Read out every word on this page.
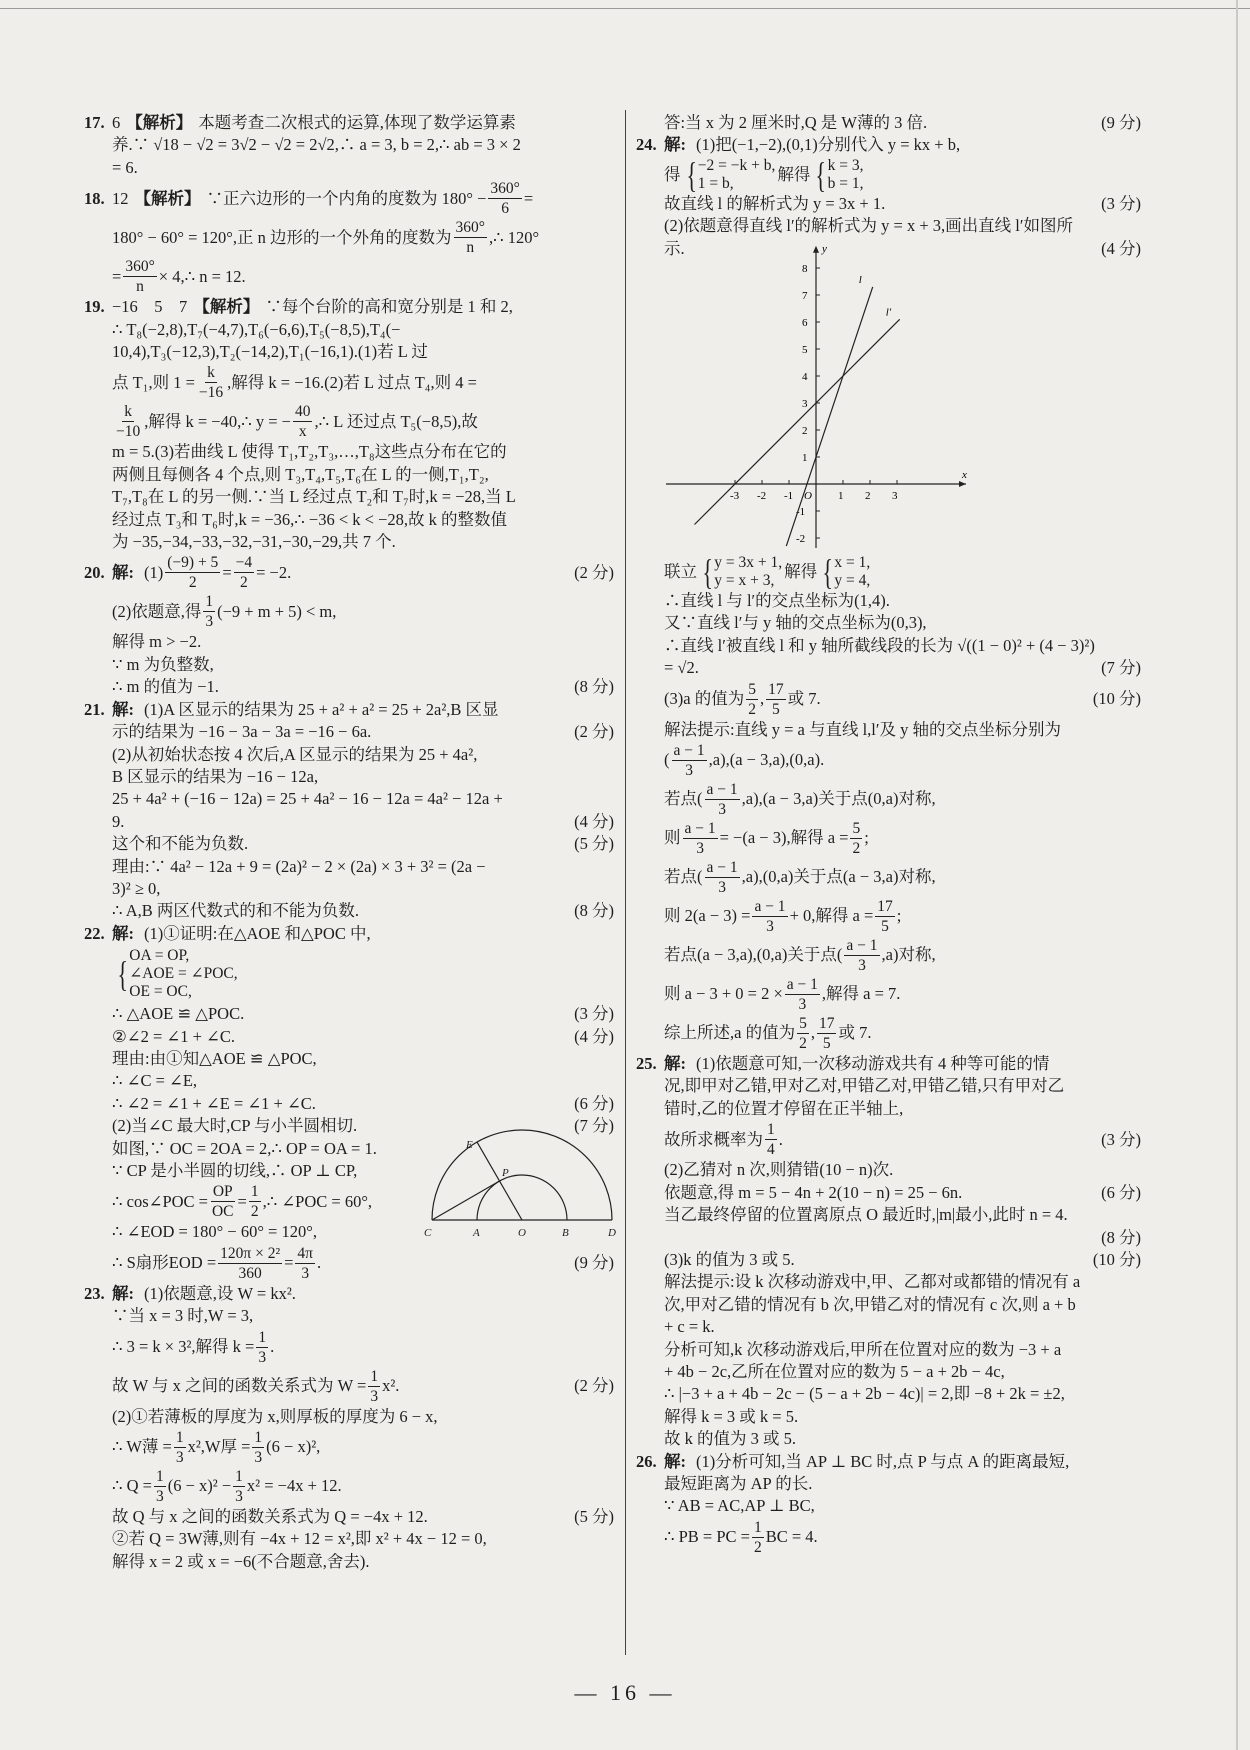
17. 6 【解析】 本题考查二次根式的运算,体现了数学运算素
养.∵ √18 − √2 = 3√2 − √2 = 2√2,∴ a = 3, b = 2,∴ ab = 3 × 2
= 6.
18. 12 【解析】 ∵正六边形的一个内角的度数为 $180^\circ - \frac{360^\circ}{6}$ =
180° − 60° = 120°,正 n 边形的一个外角的度数为 $\frac{360^\circ}{n}$ ,∴ 120°
= $\frac{360^\circ}{n}$ × 4,∴ n = 12.
19. −16　5　7 【解析】 ∵每个台阶的高和宽分别是 1 和 2,
∴ T₈(−2,8),T₇(−4,7),T₆(−6,6),T₅(−8,5),T₄(−
10,4),T₃(−12,3),T₂(−14,2),T₁(−16,1).(1)若 L 过
点 T₁,则 $1 = \frac{k}{-16}$ ,解得 k = −16.(2)若 L 过点 T₄,则 4 =
$\frac{k}{-10}$ ,解得 k = −40,∴ y = − $\frac{40}{x}$ ,∴ L 还过点 T₅(−8,5),故
m = 5.(3)若曲线 L 使得 T₁,T₂,T₃,…,T₈这些点分布在它的
两侧且每侧各 4 个点,则 T₃,T₄,T₅,T₆在 L 的一侧,T₁,T₂,
T₇,T₈在 L 的另一侧.∵当 L 经过点 T₂和 T₇时,k = −28,当 L
经过点 T₃和 T₆时,k = −36,∴ −36 < k < −28,故 k 的整数值
为 −35,−34,−33,−32,−31,−30,−29,共 7 个.
20. 解: $(1) \frac{(-9) + 5}{2} = \frac{-4}{2} = -2$.	(2 分)
(2)依题意,得 $\frac{1}{3} (-9 + m + 5) < m$,
解得 m > −2.
∵ m 为负整数,
∴ m 的值为 −1.	(8 分)
21. 解: (1)A 区显示的结果为 25 + a² + a² = 25 + 2a²,B 区显
示的结果为 −16 − 3a − 3a = −16 − 6a.	(2 分)
(2)从初始状态按 4 次后,A 区显示的结果为 25 + 4a²,
B 区显示的结果为 −16 − 12a,
25 + 4a² + (−16 − 12a) = 25 + 4a² − 16 − 12a = 4a² − 12a +
9.	(4 分)
这个和不能为负数.	(5 分)
理由:∵ 4a² − 12a + 9 = (2a)² − 2 × (2a) × 3 + 3² = (2a −
3)² ≥ 0,
∴ A,B 两区代数式的和不能为负数.	(8 分)
22. 解: (1)①证明:在△AOE 和△POC 中,
{ OA = OP,
∠AOE = ∠POC,
OE = OC,
∴ △AOE ≌ △POC.	(3 分)
②∠2 = ∠1 + ∠C.	(4 分)
理由:由①知△AOE ≌ △POC,
∴ ∠C = ∠E,
∴ ∠2 = ∠1 + ∠E = ∠1 + ∠C.	(6 分)
(2)当∠C 最大时,CP 与小半圆相切.	(7 分)
如图,∵ OC = 2OA = 2,∴ OP = OA = 1.	E
P
C	A	O	B	D
∵ CP 是小半圆的切线,∴ OP ⊥ CP,
∴ cos∠POC = $\frac{OP}{OC} = \frac{1}{2}$ ,∴ ∠POC = 60°,
∴ ∠EOD = 180° − 60° = 120°,
∴ S扇形EOD = $\frac{\text{120π × 2²}}{360} = \frac{4\pi}{3}$ .	(9 分)
23. 解: (1)依题意,设 W = kx².
∵当 x = 3 时,W = 3,
∴ 3 = k × 3²,解得 $k = \frac{1}{3}$ .
故 W 与 x 之间的函数关系式为 $W = \frac{1}{3} x^2$.	(2 分)
(2)①若薄板的厚度为 x,则厚板的厚度为 6 − x,
∴ W薄 = $\frac{1}{3} x^2,W$厚 = $\frac{1}{3} (6 - x)^2$,
∴ $Q = \frac{1}{3} (6 - x)^2 - \frac{1}{3} x^2 = -4x + 12$.
故 Q 与 x 之间的函数关系式为 Q = −4x + 12.	(5 分)
②若 Q = 3W薄,则有 −4x + 12 = x²,即 x² + 4x − 12 = 0,
解得 x = 2 或 x = −6(不合题意,舍去).
答:当 x 为 2 厘米时,Q 是 W薄的 3 倍.	(9 分)
24. 解: (1)把(−1,−2),(0,1)分别代入 y = kx + b,
得 { −2 = −k + b,
1 = b,	解得 { k = 3,
b = 1,
故直线 l 的解析式为 y = 3x + 1.	(3 分)
(2)依题意得直线 l′的解析式为 y = x + 3,画出直线 l′如图所
示.	(4 分)
-3 -2 -1	1 2 3
-2
-1
1
2
3
4
5
6
7
8
O
x
y
l
l′
联立 { y = 3x + 1,
y = x + 3, 解得 { x = 1,
y = 4,
∴直线 l 与 l′的交点坐标为(1,4).
又∵直线 l′与 y 轴的交点坐标为(0,3),
∴直线 l′被直线 l 和 y 轴所截线段的长为 √((1 − 0)² + (4 − 3)²)
= √2.	(7 分)
(3)a 的值为 $\frac{5}{2}$ , $\frac{17}{5}$ 或 7.	(10 分)
解法提示:直线 y = a 与直线 l,l′及 y 轴的交点坐标分别为
( $\frac{a - 1}{3} ,a),(a - 3,a),(0,a)$.
若点( $\frac{a - 1}{3} ,a),(a - 3,a)$关于点(0,a)对称,
则 $\frac{a - 1}{3} = -(a - 3)$,解得 $a = \frac{5}{2}$ ;
若点( $\frac{a - 1}{3} ,a),(0,a)$关于点(a − 3,a)对称,
则 $2(a - 3) = \frac{a - 1}{3} + 0$,解得 $a = \frac{17}{5}$ ;
若点(a − 3,a),(0,a)关于点( $\frac{a - 1}{3} ,a$)对称,
则 $a - 3 + 0 = 2 \times \frac{a - 1}{3}$ ,解得 a = 7.
综上所述,a 的值为 $\frac{5}{2}$ , $\frac{17}{5}$ 或 7.
25. 解: (1)依题意可知,一次移动游戏共有 4 种等可能的情
况,即甲对乙错,甲对乙对,甲错乙对,甲错乙错,只有甲对乙
错时,乙的位置才停留在正半轴上,
故所求概率为 $\frac{1}{4}$ .	(3 分)
(2)乙猜对 n 次,则猜错(10 − n)次.
依题意,得 m = 5 − 4n + 2(10 − n) = 25 − 6n.	(6 分)
当乙最终停留的位置离原点 O 最近时,|m|最小,此时 n = 4.
(8 分)
(3)k 的值为 3 或 5.	(10 分)
解法提示:设 k 次移动游戏中,甲、乙都对或都错的情况有 a
次,甲对乙错的情况有 b 次,甲错乙对的情况有 c 次,则 a + b
+ c = k.
分析可知,k 次移动游戏后,甲所在位置对应的数为 −3 + a
+ 4b − 2c,乙所在位置对应的数为 5 − a + 2b − 4c,
∴ |−3 + a + 4b − 2c − (5 − a + 2b − 4c)| = 2,即 −8 + 2k = ±2,
解得 k = 3 或 k = 5.
故 k 的值为 3 或 5.
26. 解: (1)分析可知,当 AP ⊥ BC 时,点 P 与点 A 的距离最短,
最短距离为 AP 的长.
∵ AB = AC,AP ⊥ BC,
∴ PB = PC = $\frac{1}{2}$ BC = 4.
— 16 —
